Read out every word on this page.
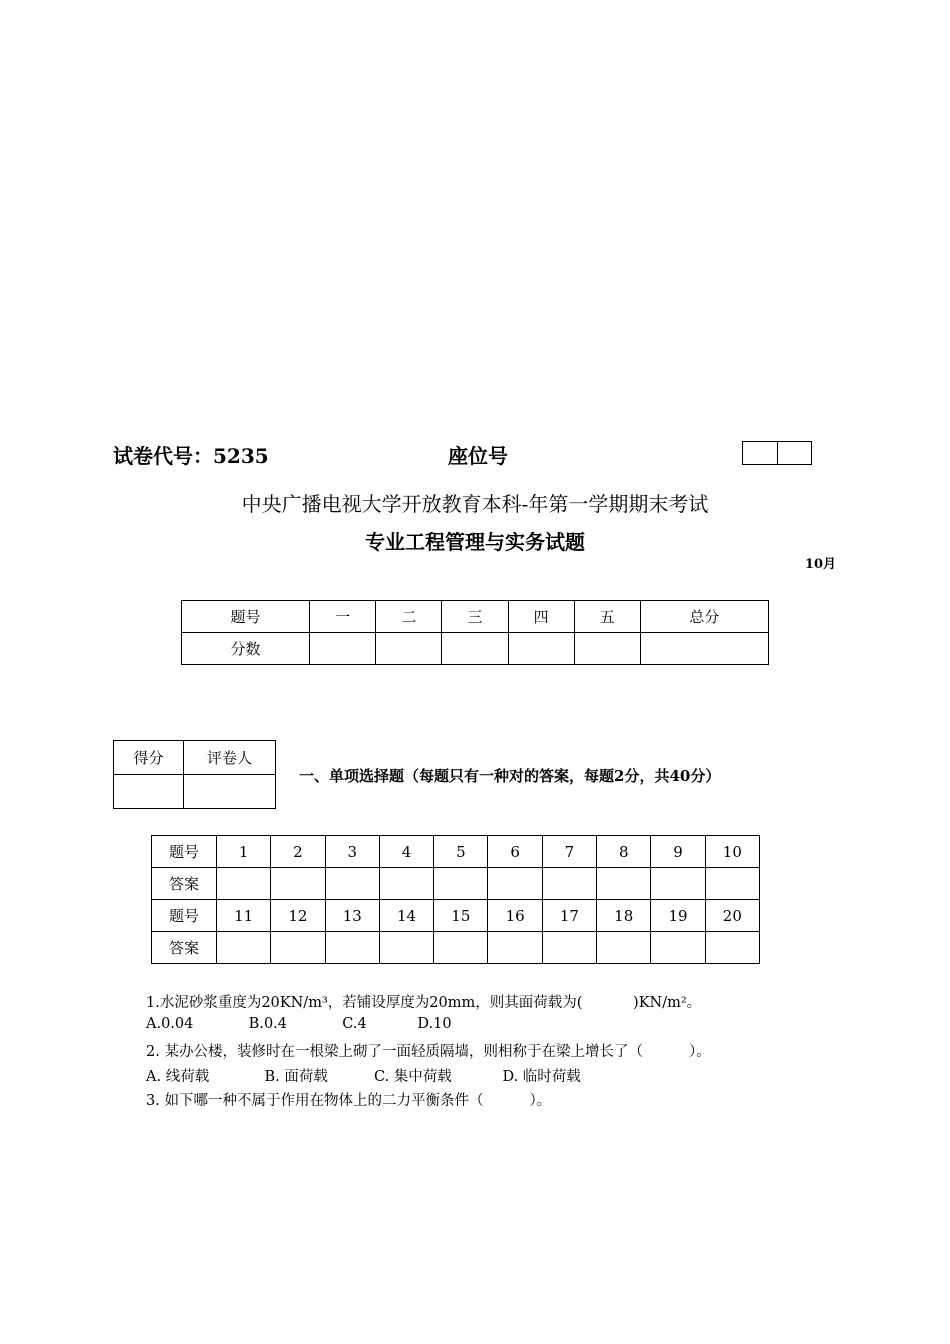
试卷代号：5235	座位号
中央广播电视大学开放教育本科-年第一学期期末考试
专业工程管理与实务试题
10月
题号	一	二	三	四	五	总分
分数						
得分	评卷人

一、单项选择题（每题只有一种对的答案，每题2分，共40分）
题号	1	2	3	4	5	6	7	8	9	10
答案										
题号	11	12	13	14	15	16	17	18	19	20
答案										
1.水泥砂浆重度为20KN/m³，若铺设厚度为20mm，则其面荷载为(           )KN/m²。
A.0.04            B.0.4            C.4           D.10
2. 某办公楼，装修时在一根梁上砌了一面轻质隔墙，则相称于在梁上增长了（          ）。
A. 线荷载            B. 面荷载          C. 集中荷载           D. 临时荷载
3. 如下哪一种不属于作用在物体上的二力平衡条件（          ）。
